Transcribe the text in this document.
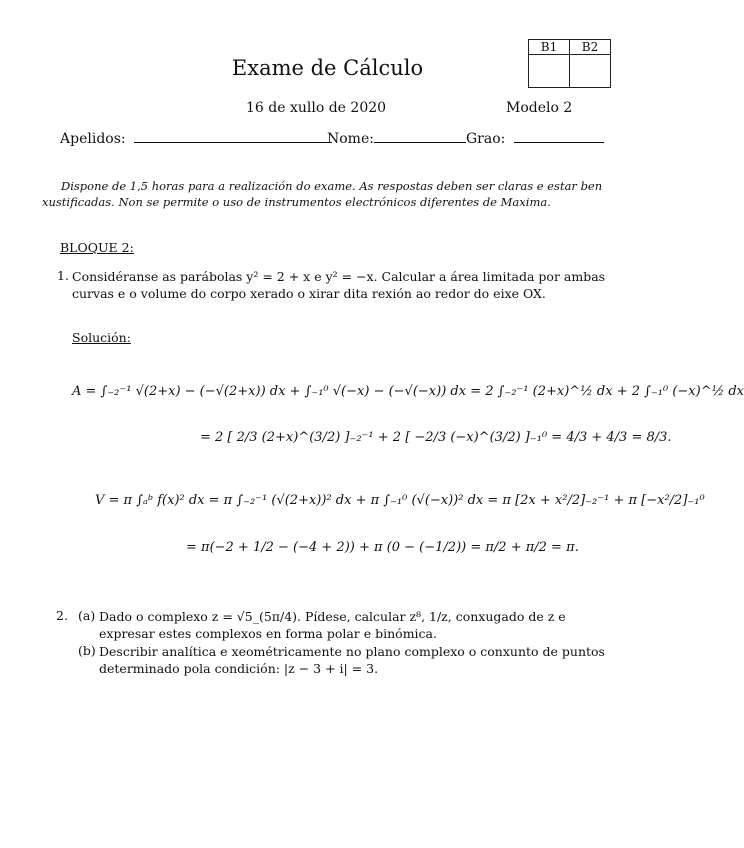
B1	B2

Exame de Cálculo
16 de xullo de 2020	Modelo 2
Apelidos:	Nome:	Grao:
Dispone de 1,5 horas para a realización do exame. As respostas deben ser claras e estar ben xustificadas. Non se permite o uso de instrumentos electrónicos diferentes de Maxima.
BLOQUE 2:
1. Considéranse as parábolas y² = 2 + x e y² = −x. Calcular a área limitada por ambas curvas e o volume do corpo xerado o xirar dita rexión ao redor do eixe OX.
Solución:
A = ∫₋₂⁻¹ √(2+x) − (−√(2+x)) dx + ∫₋₁⁰ √(−x) − (−√(−x)) dx = 2 ∫₋₂⁻¹ (2+x)^½ dx + 2 ∫₋₁⁰ (−x)^½ dx
= 2 [ 2/3 (2+x)^(3/2) ]₋₂⁻¹ + 2 [ −2/3 (−x)^(3/2) ]₋₁⁰ = 4/3 + 4/3 = 8/3.
V = π ∫ₐᵇ f(x)² dx = π ∫₋₂⁻¹ (√(2+x))² dx + π ∫₋₁⁰ (√(−x))² dx = π [2x + x²/2]₋₂⁻¹ + π [−x²/2]₋₁⁰
= π(−2 + 1/2 − (−4 + 2)) + π (0 − (−1/2)) = π/2 + π/2 = π.
2. (a) Dado o complexo z = √5_(5π/4). Pídese, calcular z⁸, 1/z, conxugado de z e expresar estes complexos en forma polar e binómica.
(b) Describir analítica e xeométricamente no plano complexo o conxunto de puntos determinado pola condición: |z − 3 + i| = 3.
